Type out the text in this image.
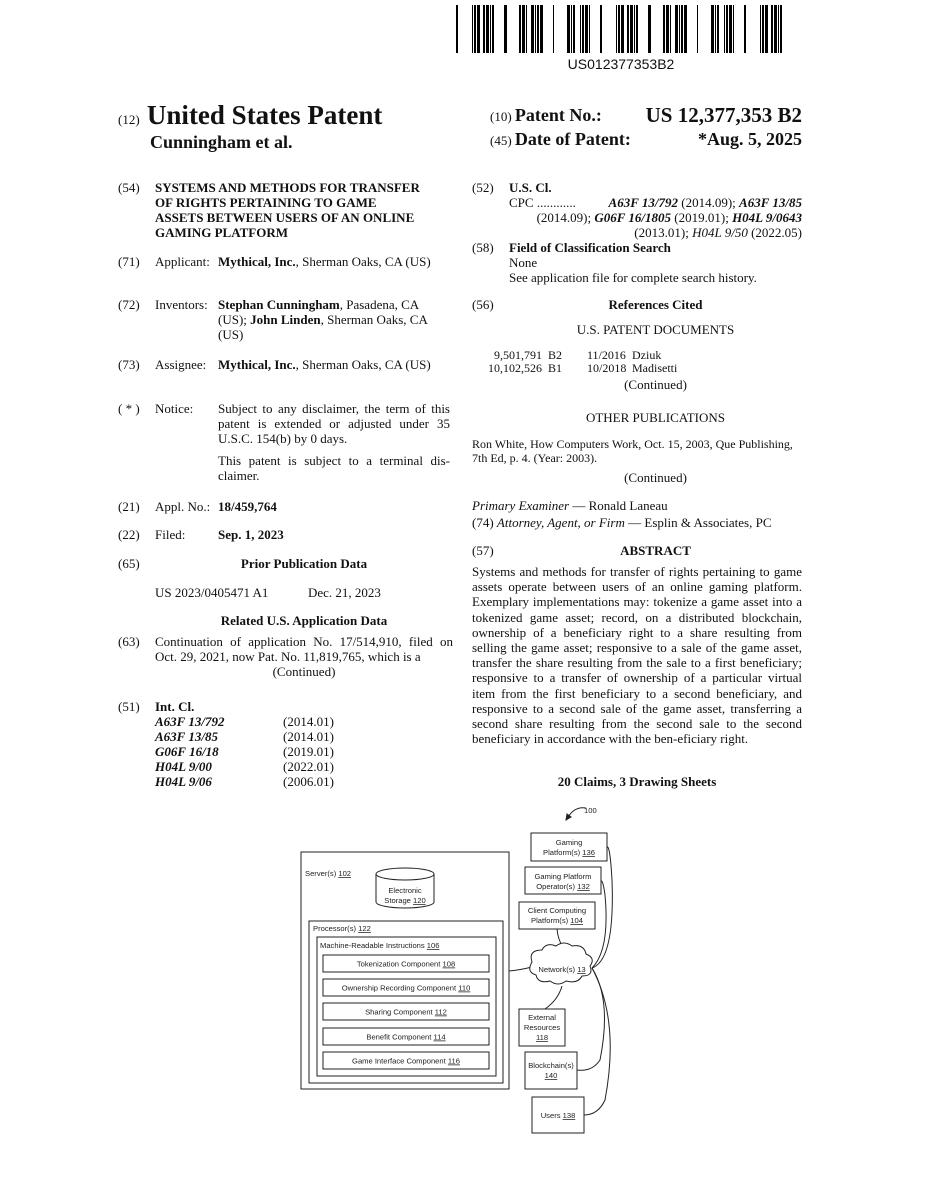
US012377353B2
(12) United States Patent
Cunningham et al.
(10) Patent No.: US 12,377,353 B2
(45) Date of Patent:	*Aug. 5, 2025
(54) SYSTEMS AND METHODS FOR TRANSFER
OF RIGHTS PERTAINING TO GAME
ASSETS BETWEEN USERS OF AN ONLINE
GAMING PLATFORM
(71) Applicant: Mythical, Inc., Sherman Oaks, CA (US)
(72) Inventors: Stephan Cunningham, Pasadena, CA (US); John Linden, Sherman Oaks, CA (US)
(73) Assignee: Mythical, Inc., Sherman Oaks, CA (US)
( * ) Notice: Subject to any disclaimer, the term of this patent is extended or adjusted under 35 U.S.C. 154(b) by 0 days.
This patent is subject to a terminal dis-claimer.
(21) Appl. No.: 18/459,764
(22) Filed:	Sep. 1, 2023
(65)	Prior Publication Data
US 2023/0405471 A1	Dec. 21, 2023
Related U.S. Application Data
(63) Continuation of application No. 17/514,910, filed on Oct. 29, 2021, now Pat. No. 11,819,765, which is a
(Continued)
(51) Int. Cl.
A63F 13/792	(2014.01)
A63F 13/85	(2014.01)
G06F 16/18	(2019.01)
H04L 9/00	(2022.01)
H04L 9/06	(2006.01)
(52) U.S. Cl.
CPC ............	A63F 13/792 (2014.09); A63F 13/85 (2014.09); G06F 16/1805 (2019.01); H04L 9/0643 (2013.01); H04L 9/50 (2022.05)
(58) Field of Classification Search
None
See application file for complete search history.
(56)	References Cited
U.S. PATENT DOCUMENTS
9,501,791 B2 11/2016 Dziuk
10,102,526 B1 10/2018 Madisetti
(Continued)
OTHER PUBLICATIONS
Ron White, How Computers Work, Oct. 15, 2003, Que Publishing, 7th Ed, p. 4. (Year: 2003).
(Continued)
Primary Examiner — Ronald Laneau
(74) Attorney, Agent, or Firm — Esplin & Associates, PC
(57)	ABSTRACT
Systems and methods for transfer of rights pertaining to game assets operate between users of an online gaming platform. Exemplary implementations may: tokenize a game asset into a tokenized game asset; record, on a distributed blockchain, ownership of a beneficiary right to a share resulting from selling the game asset; responsive to a sale of the game asset, transfer the share resulting from the sale to a first beneficiary; responsive to a transfer of ownership of a particular virtual item from the first beneficiary to a second beneficiary, and responsive to a second sale of the game asset, transferring a second share resulting from the second sale to the second beneficiary in accordance with the ben-eficiary right.
20 Claims, 3 Drawing Sheets
100
Server(s) 102
Electronic
Storage 120
Processor(s) 122
Machine-Readable Instructions 106
Tokenization Component 108
Ownership Recording Component 110
Sharing Component 112
Benefit Component 114
Game Interface Component 116
Gaming
Platform(s) 136
Gaming Platform
Operator(s) 132
Client Computing
Platform(s) 104
Network(s) 13
External
Resources
118
Blockchain(s)
140
Users 138
